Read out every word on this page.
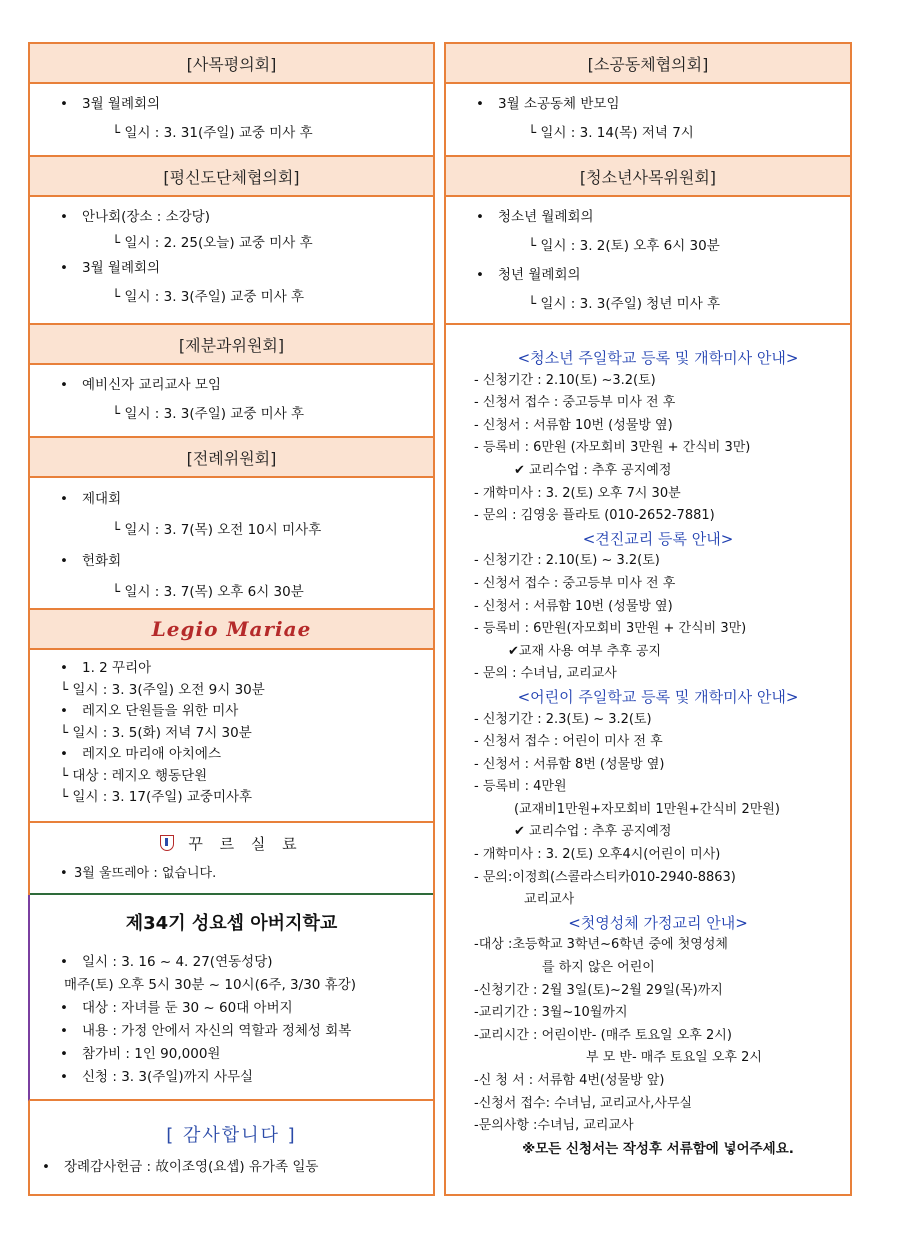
[사목평의회]
• 3월 월례회의
└ 일시 : 3. 31(주일) 교중 미사 후
[평신도단체협의회]
• 안나회(장소 : 소강당)
└ 일시 : 2. 25(오늘) 교중 미사 후
• 3월 월례회의
└ 일시 : 3. 3(주일) 교중 미사 후
[제분과위원회]
• 예비신자 교리교사 모임
└ 일시 : 3. 3(주일) 교중 미사 후
[전례위원회]
• 제대회
└ 일시 : 3. 7(목) 오전 10시 미사후
• 헌화회
└ 일시 : 3. 7(목) 오후 6시 30분
Legio Mariae
• 1. 2 꾸리아
└ 일시 : 3. 3(주일) 오전 9시 30분
• 레지오 단원들을 위한 미사
└ 일시 : 3. 5(화) 저녁 7시 30분
• 레지오 마리애 아치에스
└ 대상 : 레지오 행동단원
└ 일시 : 3. 17(주일) 교중미사후
꾸 르 실 료
• 3월 울뜨레아 : 없습니다.
제34기 성요셉 아버지학교
• 일시 : 3. 16 ~ 4. 27(연동성당)
매주(토) 오후 5시 30분 ~ 10시(6주, 3/30 휴강)
• 대상 : 자녀를 둔 30 ~ 60대 아버지
• 내용 : 가정 안에서 자신의 역할과 정체성 회복
• 참가비 : 1인 90,000원
• 신청 : 3. 3(주일)까지 사무실
[ 감사합니다 ]
• 장례감사헌금 : 故이조영(요셉) 유가족 일동
[소공동체협의회]
• 3월 소공동체 반모임
└ 일시 : 3. 14(목) 저녁 7시
[청소년사목위원회]
• 청소년 월례회의
└ 일시 : 3. 2(토) 오후 6시 30분
• 청년 월례회의
└ 일시 : 3. 3(주일) 청년 미사 후
<청소년 주일학교 등록 및 개학미사 안내>
- 신청기간 : 2.10(토) ~3.2(토)
- 신청서 접수 : 중고등부 미사 전 후
- 신청서 : 서류함 10번 (성물방 옆)
- 등록비 : 6만원 (자모회비 3만원 + 간식비 3만)
✔ 교리수업 : 추후 공지예정
- 개학미사 : 3. 2(토) 오후 7시 30분
- 문의 : 김영웅 플라토 (010-2652-7881)
<견진교리 등록 안내>
- 신청기간 : 2.10(토) ~ 3.2(토)
- 신청서 접수 : 중고등부 미사 전 후
- 신청서 : 서류함 10번 (성물방 옆)
- 등록비 : 6만원(자모회비 3만원 + 간식비 3만)
✔교재 사용 여부 추후 공지
- 문의 : 수녀님, 교리교사
<어린이 주일학교 등록 및 개학미사 안내>
- 신청기간 : 2.3(토) ~ 3.2(토)
- 신청서 접수 : 어린이 미사 전 후
- 신청서 : 서류함 8번 (성물방 옆)
- 등록비 : 4만원
(교재비1만원+자모회비 1만원+간식비 2만원)
✔ 교리수업 : 추후 공지예정
- 개학미사 : 3. 2(토) 오후4시(어린이 미사)
- 문의:이정희(스콜라스티카010-2940-8863)
교리교사
<첫영성체 가정교리 안내>
-대상 :초등학교 3학년~6학년 중에 첫영성체
를 하지 않은 어린이
-신청기간 : 2월 3일(토)~2월 29일(목)까지
-교리기간 : 3월~10월까지
-교리시간 : 어린이반- (매주 토요일 오후 2시)
부 모 반- 매주 토요일 오후 2시
-신 청 서 : 서류함 4번(성물방 앞)
-신청서 접수: 수녀님, 교리교사,사무실
-문의사항 :수녀님, 교리교사
※모든 신청서는 작성후 서류함에 넣어주세요.
